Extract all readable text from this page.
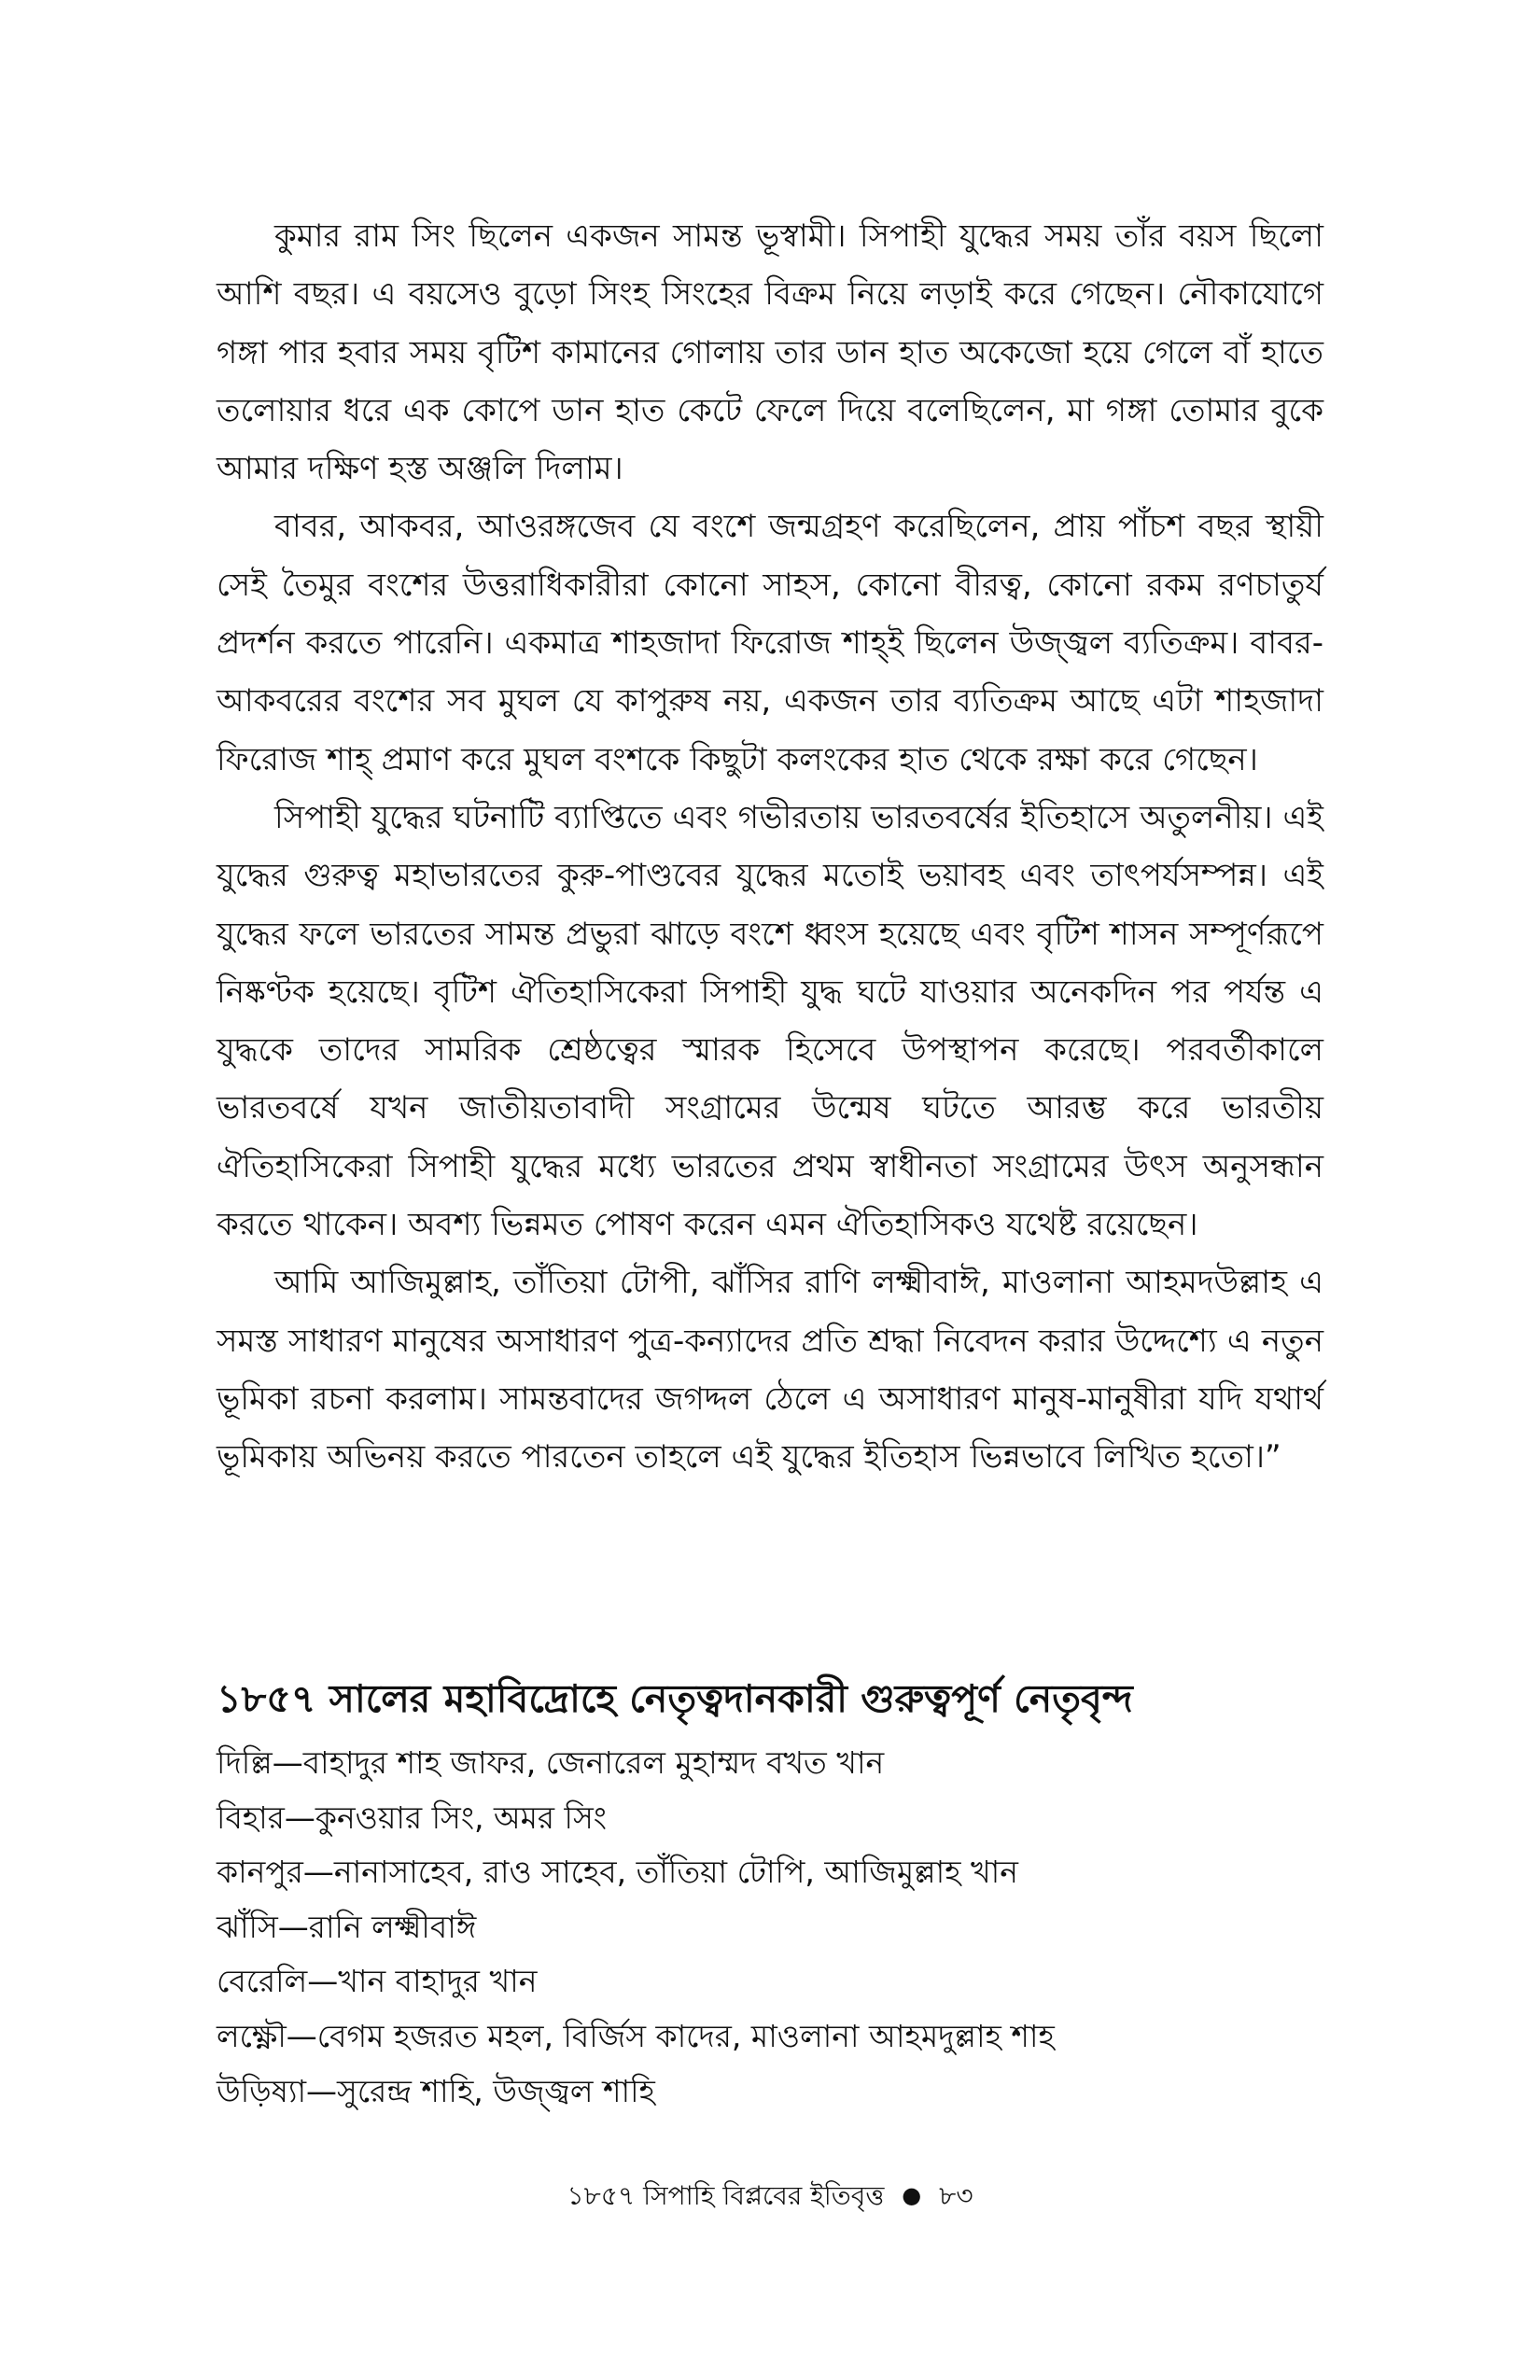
কুমার রাম সিং ছিলেন একজন সামন্ত ভূস্বামী। সিপাহী যুদ্ধের সময় তাঁর বয়স ছিলো আশি বছর। এ বয়সেও বুড়ো সিংহ সিংহের বিক্রম নিয়ে লড়াই করে গেছেন। নৌকাযোগে গঙ্গা পার হবার সময় বৃটিশ কামানের গোলায় তার ডান হাত অকেজো হয়ে গেলে বাঁ হাতে তলোয়ার ধরে এক কোপে ডান হাত কেটে ফেলে দিয়ে বলেছিলেন, মা গঙ্গা তোমার বুকে আমার দক্ষিণ হস্ত অঞ্জলি দিলাম।

বাবর, আকবর, আওরঙ্গজেব যে বংশে জন্মগ্রহণ করেছিলেন, প্রায় পাঁচশ বছর স্থায়ী সেই তৈমুর বংশের উত্তরাধিকারীরা কোনো সাহস, কোনো বীরত্ব, কোনো রকম রণচাতুর্য প্রদর্শন করতে পারেনি। একমাত্র শাহজাদা ফিরোজ শাহ্ই ছিলেন উজ্জ্বল ব্যতিক্রম। বাবর-আকবরের বংশের সব মুঘল যে কাপুরুষ নয়, একজন তার ব্যতিক্রম আছে এটা শাহজাদা ফিরোজ শাহ্ প্রমাণ করে মুঘল বংশকে কিছুটা কলংকের হাত থেকে রক্ষা করে গেছেন।

সিপাহী যুদ্ধের ঘটনাটি ব্যাপ্তিতে এবং গভীরতায় ভারতবর্ষের ইতিহাসে অতুলনীয়। এই যুদ্ধের গুরুত্ব মহাভারতের কুরু-পাণ্ডবের যুদ্ধের মতোই ভয়াবহ এবং তাৎপর্যসম্পন্ন। এই যুদ্ধের ফলে ভারতের সামন্ত প্রভুরা ঝাড়ে বংশে ধ্বংস হয়েছে এবং বৃটিশ শাসন সম্পূর্ণরূপে নিষ্কণ্টক হয়েছে। বৃটিশ ঐতিহাসিকেরা সিপাহী যুদ্ধ ঘটে যাওয়ার অনেকদিন পর পর্যন্ত এ যুদ্ধকে তাদের সামরিক শ্রেষ্ঠত্বের স্মারক হিসেবে উপস্থাপন করেছে। পরবর্তীকালে ভারতবর্ষে যখন জাতীয়তাবাদী সংগ্রামের উন্মেষ ঘটতে আরম্ভ করে ভারতীয় ঐতিহাসিকেরা সিপাহী যুদ্ধের মধ্যে ভারতের প্রথম স্বাধীনতা সংগ্রামের উৎস অনুসন্ধান করতে থাকেন। অবশ্য ভিন্নমত পোষণ করেন এমন ঐতিহাসিকও যথেষ্ট রয়েছেন।

আমি আজিমুল্লাহ, তাঁতিয়া টোপী, ঝাঁসির রাণি লক্ষ্মীবাঈ, মাওলানা আহমদউল্লাহ এ সমস্ত সাধারণ মানুষের অসাধারণ পুত্র-কন্যাদের প্রতি শ্রদ্ধা নিবেদন করার উদ্দেশ্যে এ নতুন ভূমিকা রচনা করলাম। সামন্তবাদের জগদ্দল ঠেলে এ অসাধারণ মানুষ-মানুষীরা যদি যথার্থ ভূমিকায় অভিনয় করতে পারতেন তাহলে এই যুদ্ধের ইতিহাস ভিন্নভাবে লিখিত হতো।”

১৮৫৭ সালের মহাবিদ্রোহে নেতৃত্বদানকারী গুরুত্বপূর্ণ নেতৃবৃন্দ
দিল্লি—বাহাদুর শাহ জাফর, জেনারেল মুহাম্মদ বখত খান
বিহার—কুনওয়ার সিং, অমর সিং
কানপুর—নানাসাহেব, রাও সাহেব, তাঁতিয়া টোপি, আজিমুল্লাহ খান
ঝাঁসি—রানি লক্ষ্মীবাঈ
বেরেলি—খান বাহাদুর খান
লক্ষ্ণৌ—বেগম হজরত মহল, বির্জিস কাদের, মাওলানা আহমদুল্লাহ শাহ
উড়িষ্যা—সুরেন্দ্র শাহি, উজ্জ্বল শাহি
১৮৫৭ সিপাহি বিপ্লবের ইতিবৃত্ত ● ৮৩
